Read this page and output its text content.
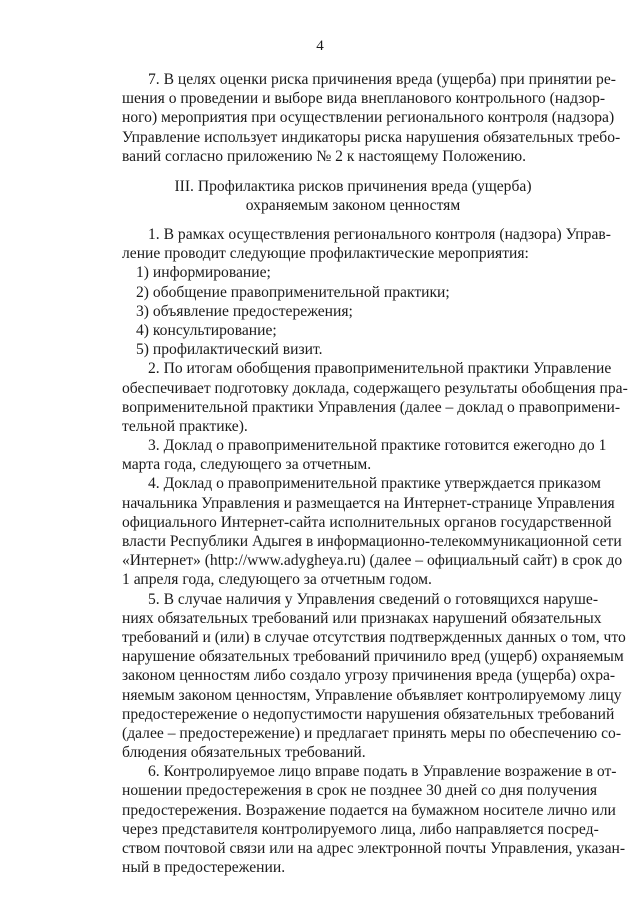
4
7. В целях оценки риска причинения вреда (ущерба) при принятии ре-
шения о проведении и выборе вида внепланового контрольного (надзор-
ного) мероприятия при осуществлении регионального контроля (надзора)
Управление использует индикаторы риска нарушения обязательных требо-
ваний согласно приложению № 2 к настоящему Положению.
III. Профилактика рисков причинения вреда (ущерба)
охраняемым законом ценностям
1. В рамках осуществления регионального контроля (надзора) Управ-
ление проводит следующие профилактические мероприятия:
1) информирование;
2) обобщение правоприменительной практики;
3) объявление предостережения;
4) консультирование;
5) профилактический визит.
2. По итогам обобщения правоприменительной практики Управление
обеспечивает подготовку доклада, содержащего результаты обобщения пра-
воприменительной практики Управления (далее – доклад о правопримени-
тельной практике).
3. Доклад о правоприменительной практике готовится ежегодно до 1
марта года, следующего за отчетным.
4. Доклад о правоприменительной практике утверждается приказом
начальника Управления и размещается на Интернет-странице Управления
официального Интернет-сайта исполнительных органов государственной
власти Республики Адыгея в информационно-телекоммуникационной сети
«Интернет» (http://www.adygheya.ru) (далее – официальный сайт) в срок до
1 апреля года, следующего за отчетным годом.
5. В случае наличия у Управления сведений о готовящихся наруше-
ниях обязательных требований или признаках нарушений обязательных
требований и (или) в случае отсутствия подтвержденных данных о том, что
нарушение обязательных требований причинило вред (ущерб) охраняемым
законом ценностям либо создало угрозу причинения вреда (ущерба) охра-
няемым законом ценностям, Управление объявляет контролируемому лицу
предостережение о недопустимости нарушения обязательных требований
(далее – предостережение) и предлагает принять меры по обеспечению со-
блюдения обязательных требований.
6. Контролируемое лицо вправе подать в Управление возражение в от-
ношении предостережения в срок не позднее 30 дней со дня получения
предостережения. Возражение подается на бумажном носителе лично или
через представителя контролируемого лица, либо направляется посред-
ством почтовой связи или на адрес электронной почты Управления, указан-
ный в предостережении.
